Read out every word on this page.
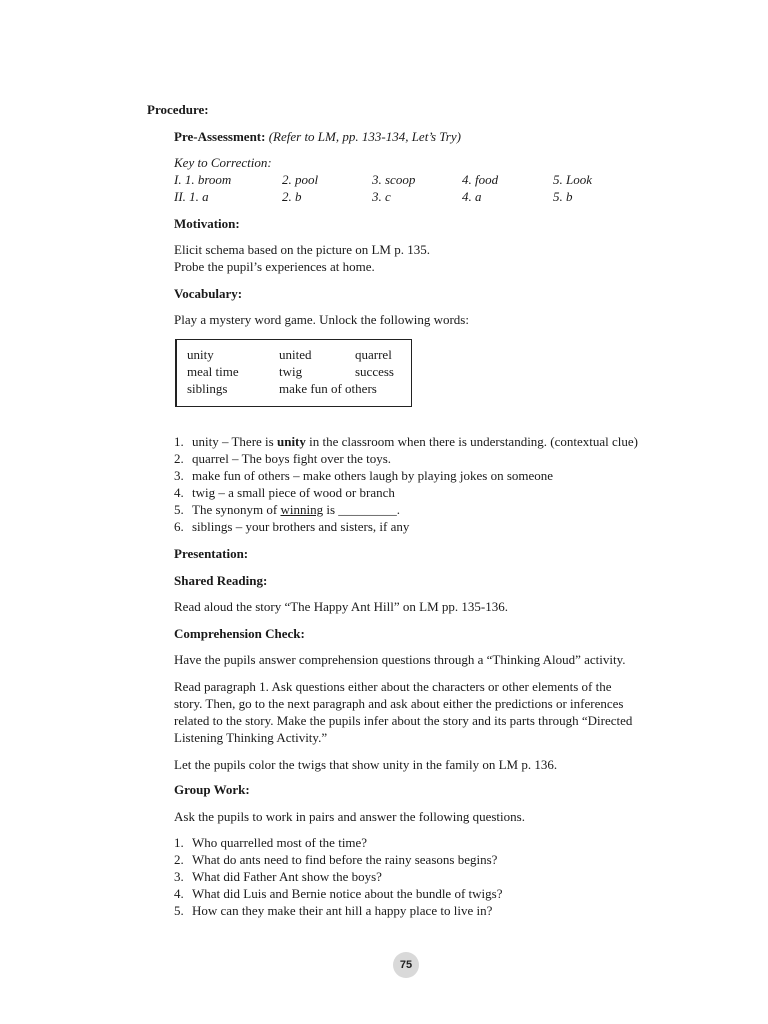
Procedure:
Pre-Assessment: (Refer to LM, pp. 133-134, Let’s Try)
Key to Correction:
I. 1. broom	2. pool	3. scoop	4. food	5. Look
II. 1. a	2. b	3. c	4. a	5. b
Motivation:
Elicit schema based on the picture on LM p. 135.
Probe the pupil’s experiences at home.
Vocabulary:
Play a mystery word game. Unlock the following words:
unity	united	quarrel
meal time	twig	success
siblings	make fun of others
1. unity – There is unity in the classroom when there is understanding. (contextual clue)
2. quarrel – The boys fight over the toys.
3. make fun of others – make others laugh by playing jokes on someone
4. twig – a small piece of wood or branch
5. The synonym of winning is _________.
6. siblings – your brothers and sisters, if any
Presentation:
Shared Reading:
Read aloud the story “The Happy Ant Hill” on LM pp. 135-136.
Comprehension Check:
Have the pupils answer comprehension questions through a “Thinking Aloud” activity.
Read paragraph 1. Ask questions either about the characters or other elements of the
story. Then, go to the next paragraph and ask about either the predictions or inferences
related to the story. Make the pupils infer about the story and its parts through “Directed
Listening Thinking Activity.”
Let the pupils color the twigs that show unity in the family on LM p. 136.
Group Work:
Ask the pupils to work in pairs and answer the following questions.
1. Who quarrelled most of the time?
2. What do ants need to find before the rainy seasons begins?
3. What did Father Ant show the boys?
4. What did Luis and Bernie notice about the bundle of twigs?
5. How can they make their ant hill a happy place to live in?
75
